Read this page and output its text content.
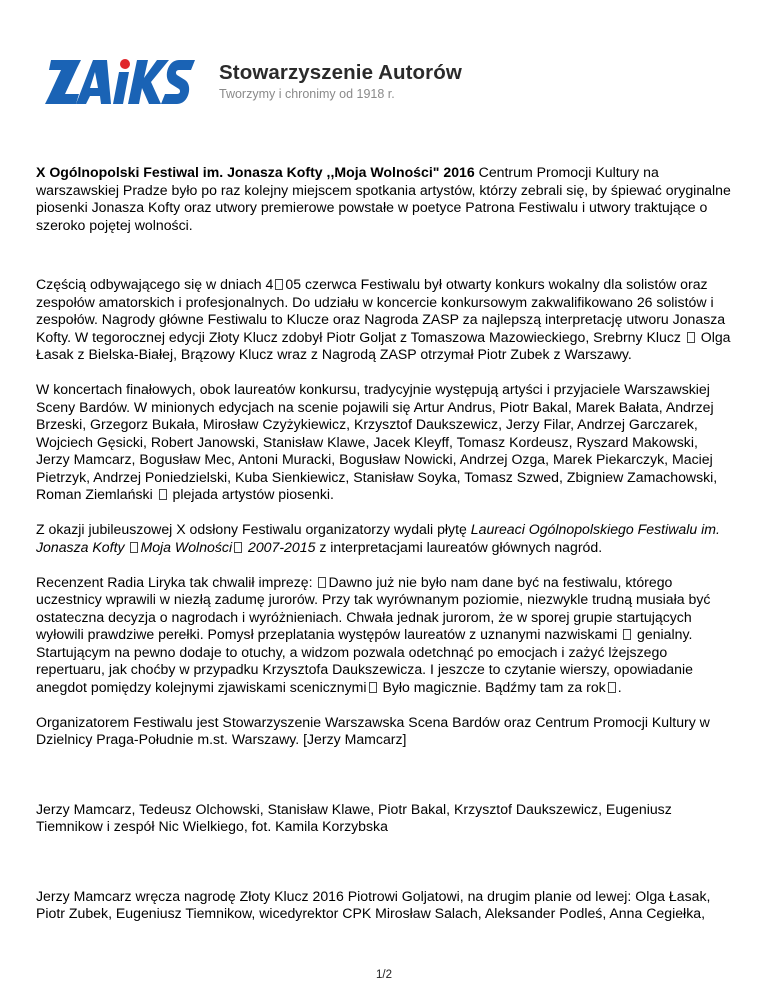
Stowarzyszenie Autorów
Tworzymy i chronimy od 1918 r.

X Ogólnopolski Festiwal im. Jonasza Kofty ,,Moja Wolności" 2016 Centrum Promocji Kultury na warszawskiej Pradze było po raz kolejny miejscem spotkania artystów, którzy zebrali się, by śpiewać oryginalne piosenki Jonasza Kofty oraz utwory premierowe powstałe w poetyce Patrona Festiwalu i utwory traktujące o szeroko pojętej wolności.

Częścią odbywającego się w dniach 4 05 czerwca Festiwalu był otwarty konkurs wokalny dla solistów oraz zespołów amatorskich i profesjonalnych. Do udziału w koncercie konkursowym zakwalifikowano 26 solistów i zespołów. Nagrody główne Festiwalu to Klucze oraz Nagroda ZASP za najlepszą interpretację utworu Jonasza Kofty. W tegorocznej edycji Złoty Klucz zdobył Piotr Goljat z Tomaszowa Mazowieckiego, Srebrny Klucz  Olga Łasak z Bielska-Białej, Brązowy Klucz wraz z Nagrodą ZASP otrzymał Piotr Zubek z Warszawy.

W koncertach finałowych, obok laureatów konkursu, tradycyjnie występują artyści i przyjaciele Warszawskiej Sceny Bardów. W minionych edycjach na scenie pojawili się Artur Andrus, Piotr Bakal, Marek Bałata, Andrzej Brzeski, Grzegorz Bukała, Mirosław Czyżykiewicz, Krzysztof Daukszewicz, Jerzy Filar, Andrzej Garczarek, Wojciech Gęsicki, Robert Janowski, Stanisław Klawe, Jacek Kleyff, Tomasz Kordeusz, Ryszard Makowski, Jerzy Mamcarz, Bogusław Mec, Antoni Muracki, Bogusław Nowicki, Andrzej Ozga, Marek Piekarczyk, Maciej Pietrzyk, Andrzej Poniedzielski, Kuba Sienkiewicz, Stanisław Soyka, Tomasz Szwed, Zbigniew Zamachowski, Roman Ziemlański  plejada artystów piosenki.

Z okazji jubileuszowej X odsłony Festiwalu organizatorzy wydali płytę Laureaci Ogólnopolskiego Festiwalu im. Jonasza Kofty Moja Wolności 2007-2015 z interpretacjami laureatów głównych nagród.

Recenzent Radia Liryka tak chwalił imprezę: Dawno już nie było nam dane być na festiwalu, którego uczestnicy wprawili w niezłą zadumę jurorów. Przy tak wyrównanym poziomie, niezwykle trudną musiała być ostateczna decyzja o nagrodach i wyróżnieniach. Chwała jednak jurorom, że w sporej grupie startujących wyłowili prawdziwe perełki. Pomysł przeplatania występów laureatów z uznanymi nazwiskami  genialny. Startującym na pewno dodaje to otuchy, a widzom pozwala odetchnąć po emocjach i zażyć lżejszego repertuaru, jak choćby w przypadku Krzysztofa Daukszewicza. I jeszcze to czytanie wierszy, opowiadanie anegdot pomiędzy kolejnymi zjawiskami scenicznymi Było magicznie. Bądźmy tam za rok .

Organizatorem Festiwalu jest Stowarzyszenie Warszawska Scena Bardów oraz Centrum Promocji Kultury w Dzielnicy Praga-Południe m.st. Warszawy. [Jerzy Mamcarz]

Jerzy Mamcarz, Tedeusz Olchowski, Stanisław Klawe, Piotr Bakal, Krzysztof Daukszewicz, Eugeniusz Tiemnikow i zespół Nic Wielkiego, fot. Kamila Korzybska

Jerzy Mamcarz wręcza nagrodę Złoty Klucz 2016 Piotrowi Goljatowi, na drugim planie od lewej: Olga Łasak, Piotr Zubek, Eugeniusz Tiemnikow, wicedyrektor CPK Mirosław Salach, Aleksander Podleś, Anna Cegiełka,

1/2
